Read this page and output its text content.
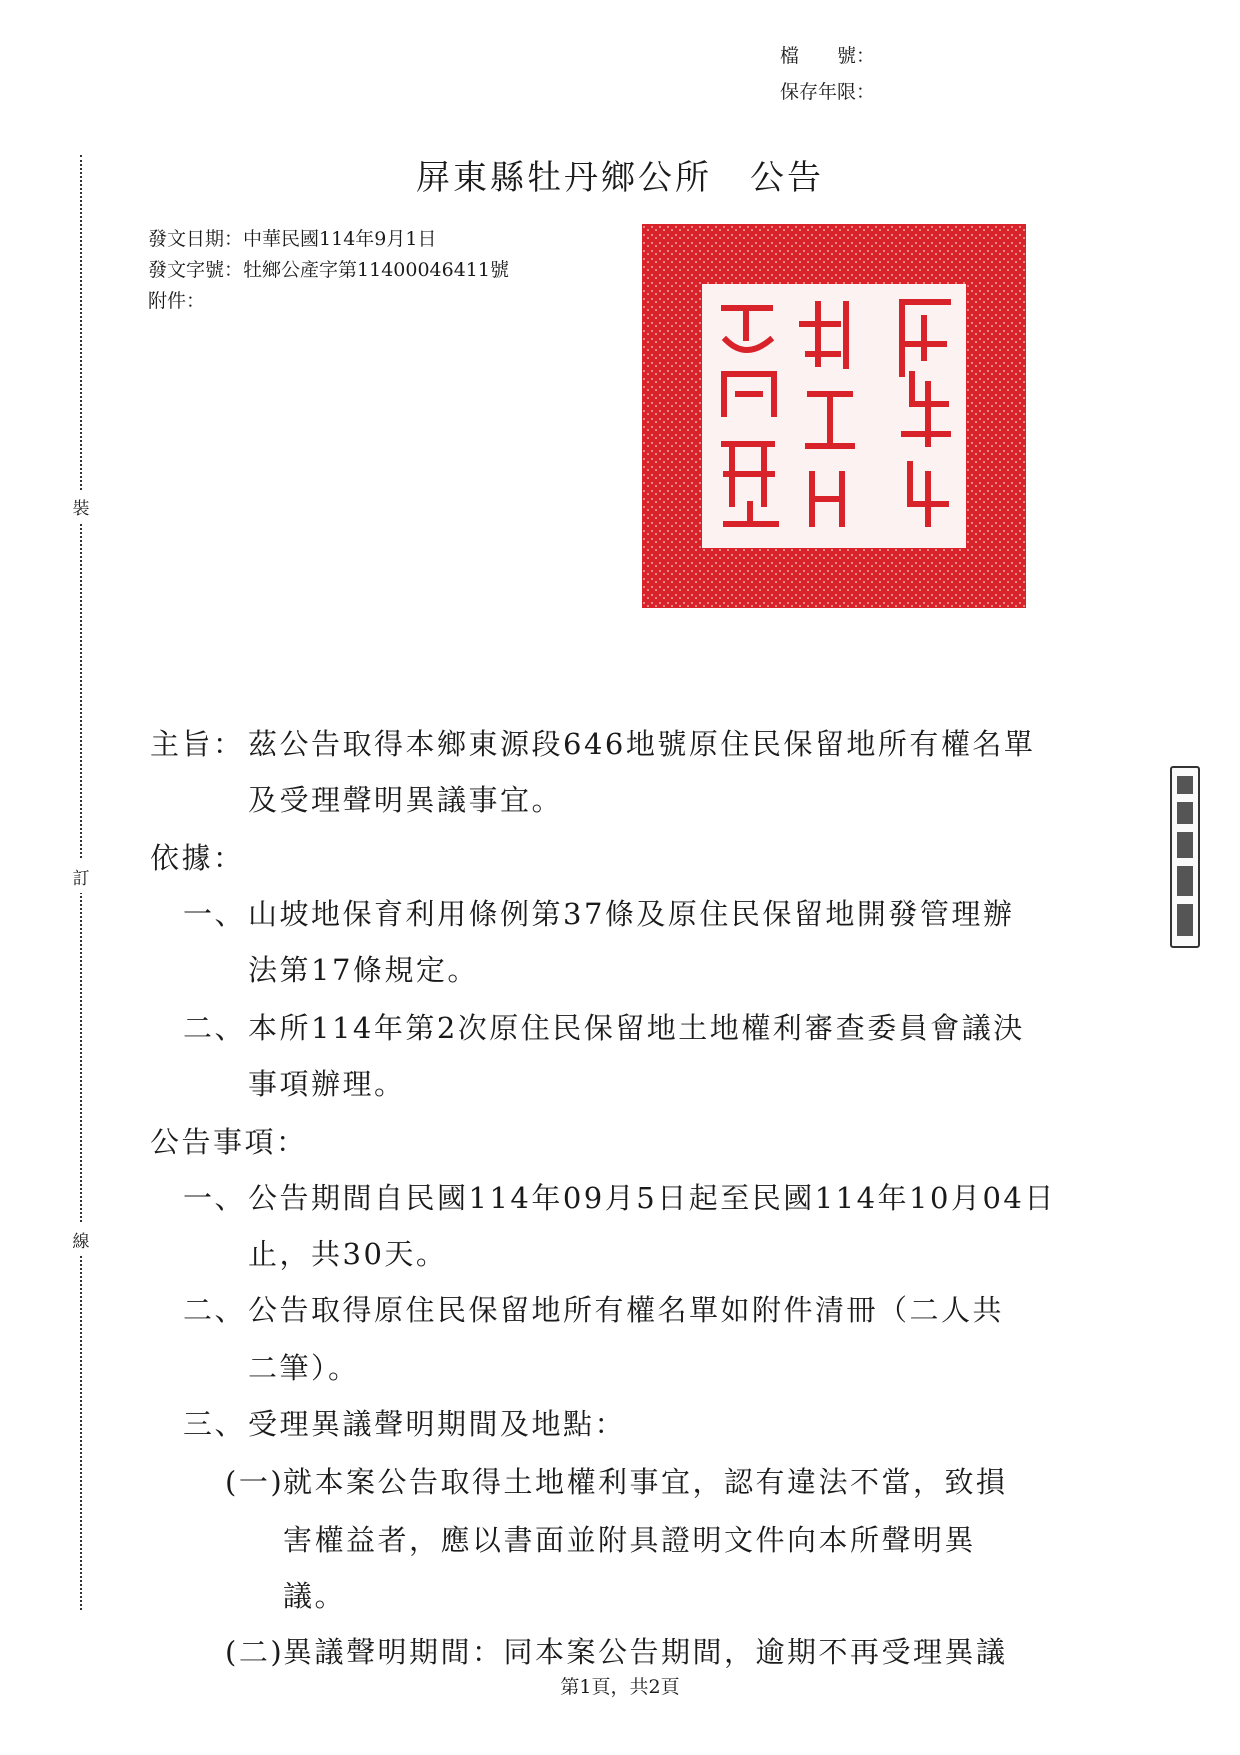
裝
訂
線
檔　　號：
保存年限：
屏東縣牡丹鄉公所 公告
發文日期：中華民國114年9月1日
發文字號：牡鄉公產字第11400046411號
附件：
主旨： 茲公告取得本鄉東源段646地號原住民保留地所有權名單
及受理聲明異議事宜。
依據：
一、 山坡地保育利用條例第37條及原住民保留地開發管理辦
法第17條規定。
二、 本所114年第2次原住民保留地土地權利審查委員會議決
事項辦理。
公告事項：
一、 公告期間自民國114年09月5日起至民國114年10月04日
止，共30天。
二、 公告取得原住民保留地所有權名單如附件清冊（二人共
二筆）。
三、 受理異議聲明期間及地點：
(一)
就本案公告取得土地權利事宜，認有違法不當，致損
害權益者，應以書面並附具證明文件向本所聲明異
議。
(二)
異議聲明期間：同本案公告期間，逾期不再受理異議
第1頁，共2頁
